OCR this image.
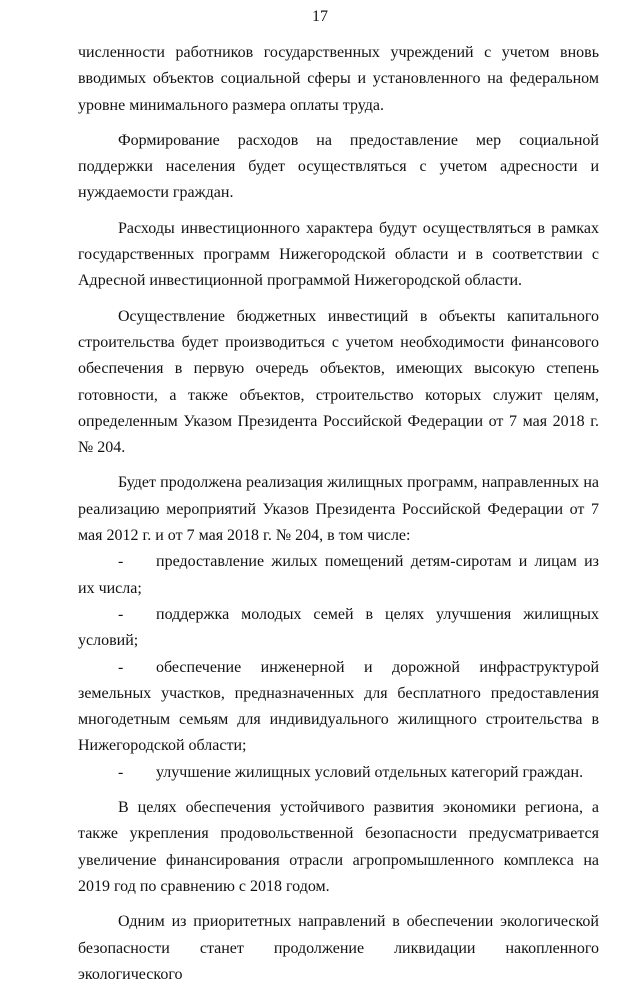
17

численности работников государственных учреждений с учетом вновь вводимых объектов социальной сферы и установленного на федеральном уровне минимального размера оплаты труда.

Формирование расходов на предоставление мер социальной поддержки населения будет осуществляться с учетом адресности и нуждаемости граждан.

Расходы инвестиционного характера будут осуществляться в рамках государственных программ Нижегородской области и в соответствии с Адресной инвестиционной программой Нижегородской области.

Осуществление бюджетных инвестиций в объекты капитального строительства будет производиться с учетом необходимости финансового обеспечения в первую очередь объектов, имеющих высокую степень готовности, а также объектов, строительство которых служит целям, определенным Указом Президента Российской Федерации от 7 мая 2018 г. № 204.

Будет продолжена реализация жилищных программ, направленных на реализацию мероприятий Указов Президента Российской Федерации от 7 мая 2012 г. и от 7 мая 2018 г. № 204, в том числе:

- предоставление жилых помещений детям-сиротам и лицам из их числа;

- поддержка молодых семей в целях улучшения жилищных условий;

- обеспечение инженерной и дорожной инфраструктурой земельных участков, предназначенных для бесплатного предоставления многодетным семьям для индивидуального жилищного строительства в Нижегородской области;

- улучшение жилищных условий отдельных категорий граждан.

В целях обеспечения устойчивого развития экономики региона, а также укрепления продовольственной безопасности предусматривается увеличение финансирования отрасли агропромышленного комплекса на 2019 год по сравнению с 2018 годом.

Одним из приоритетных направлений в обеспечении экологической безопасности станет продолжение ликвидации накопленного экологического
